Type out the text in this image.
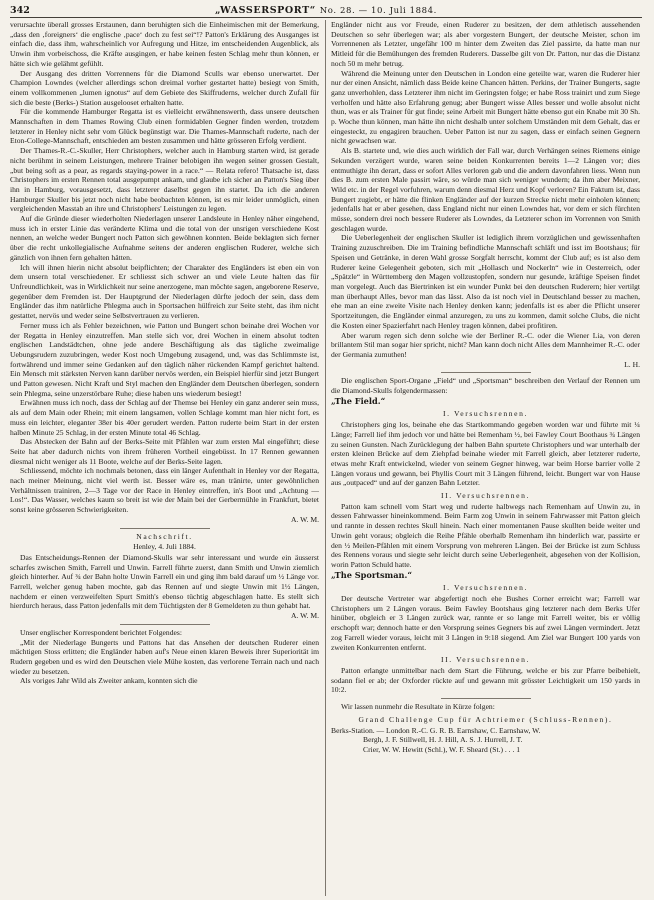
342	„WASSERSPORT“ No. 28. — 10. Juli 1884.

verursachte überall grosses Erstaunen, dann beruhigten sich die Einheimischen mit der Bemerkung, „dass den ‚foreigners‘ die englische ‚pace‘ doch zu fest sei“!? Patton's Erklärung des Ausganges ist einfach die, dass ihm, wahrscheinlich vor Aufregung und Hitze, im entscheidenden Augenblick, als Unwin ihm vorbeischoss, die Kräfte ausgingen, er habe keinen festen Schlag mehr thun können, er hätte sich wie gelähmt gefühlt.

Der Ausgang des dritten Vorrennens für die Diamond Sculls war ebenso unerwartet. Der Champion Lowndes (welcher allerdings schon dreimal vorher gestartet hatte) besiegt von Smith, einem vollkommenen „lumen ignotus“ auf dem Gebiete des Skiffruderns, welcher durch Zufall für sich die beste (Berks-) Station ausgelooset erhalten hatte.

Für die kommende Hamburger Regatta ist es vielleicht erwähnenswerth, dass unsere deutschen Mannschaften in dem Thames Rowing Club einen formidablen Gegner finden werden, trotzdem letzterer in Henley nicht sehr vom Glück begünstigt war. Die Thames-Mannschaft ruderte, nach der Eton-College-Mannschaft, entschieden am besten zusammen und hätte grösseren Erfolg verdient.

Der Thames-R.-C.-Skuller, Herr Christophers, welcher auch in Hamburg starten wird, ist gerade nicht berühmt in seinem Leistungen, mehrere Trainer belobigen ihn wegen seiner grossen Gestalt, „but being soft as a pear, as regards staying-power in a race.“ — Relata refero! Thatsache ist, dass Christophers im ersten Rennen total ausgepumpt ankam, und glaube ich sicher an Patton's Sieg über ihn in Hamburg, vorausgesetzt, dass letzterer daselbst gegen ihn startet. Da ich die anderen Hamburger Skuller bis jetzt noch nicht habe beobachten können, ist es mir leider unmöglich, einen vergleichenden Masstab an ihre und Christophers' Leistungen zu legen.

Auf die Gründe dieser wiederholten Niederlagen unserer Landsleute in Henley näher eingehend, muss ich in erster Linie das veränderte Klima und die total von der unsrigen verschiedene Kost nennen, an welche weder Bungert noch Patton sich gewöhnen konnten. Beide beklagten sich ferner über die recht unkollegialische Aufnahme seitens der anderen englischen Ruderer, welche sich gänzlich von ihnen fern gehalten hätten.

Ich will ihnen hierin nicht absolut beipflichten; der Charakter des Engländers ist eben ein von dem unsern total verschiedener. Er schliesst sich schwer an und viele Leute halten das für Unfreundlichkeit, was in Wirklichkeit nur seine anerzogene, man möchte sagen, angeborene Reserve, gegenüber dem Fremden ist. Der Hauptgrund der Niederlagen dürfte jedoch der sein, dass dem Engländer das ihm natürliche Phlegma auch in Sportsachen hülfreich zur Seite steht, das ihm nicht gestattet, nervös und weder seine Selbstvertrauen zu verlieren.

Ferner muss ich als Fehler bezeichnen, wie Patton und Bungert schon beinahe drei Wochen vor der Regatta in Henley einzutreffen. Man stelle sich vor, drei Wochen in einem absolut todten englischen Landstädtchen, ohne jede andere Beschäftigung als das tägliche zweimalige Uebungsrudern zuzubringen, weder Kost noch Umgebung zusagend, und, was das Schlimmste ist, fortwährend und immer seine Gedanken auf den täglich näher rückenden Kampf gerichtet haltend. Ein Mensch mit stärksten Nerven kann darüber nervös werden, ein Beispiel hierfür sind jetzt Bungert und Patton gewesen. Nicht Kraft und Styl machen den Engländer dem Deutschen überlegen, sondern sein Phlegma, seine unzerstörbare Ruhe; diese haben uns wiederum besiegt!

Erwähnen muss ich noch, dass der Schlag auf der Themse bei Henley ein ganz anderer sein muss, als auf dem Main oder Rhein; mit einem langsamen, vollen Schlage kommt man hier nicht fort, es muss ein leichter, eleganter 38er bis 40er gerudert werden. Patton ruderte beim Start in der ersten halben Minute 25 Schlag, in der ersten Minute total 46 Schlag.

Das Abstecken der Bahn auf der Berks-Seite mit Pfählen war zum ersten Mal eingeführt; diese Seite hat aber dadurch nichts von ihrem früheren Vortheil eingebüsst. In 17 Rennen gewannen diesmal nicht weniger als 11 Boote, welche auf der Berks-Seite lagen.

Schliessend, möchte ich nochmals betonen, dass ein länger Aufenthalt in Henley vor der Regatta, nach meiner Meinung, nicht viel werth ist. Besser wäre es, man tränirte, unter gewöhnlichen Verhältnissen trainiren, 2—3 Tage vor der Race in Henley eintreffen, in's Boot und „Achtung — Los!“. Das Wasser, welches kaum so breit ist wie der Main bei der Gerbermühle in Frankfurt, bietet sonst keine grösseren Schwierigkeiten.

A. W. M.

Nachschrift.
Henley, 4. Juli 1884.

Das Entscheidungs-Rennen der Diamond-Skulls war sehr interessant und wurde ein äusserst scharfes zwischen Smith, Farrell und Unwin. Farrell führte zuerst, dann Smith und Unwin ziemlich gleich hinterher. Auf ¾ der Bahn holte Unwin Farrell ein und ging ihm bald darauf um ½ Länge vor. Farrell, welcher genug haben mochte, gab das Rennen auf und siegte Unwin mit 1½ Längen, nachdem er einen verzweifelten Spurt Smith's ebenso tüchtig abgeschlagen hatte. Es stellt sich hierdurch heraus, dass Patton jedenfalls mit dem Tüchtigsten der 8 Gemeldeten zu thun gehabt hat.

A. W. M.

Unser englischer Korrespondent berichtet Folgendes:

„Mit der Niederlage Bungerts und Pattons hat das Ansehen der deutschen Ruderer einen mächtigen Stoss erlitten; die Engländer haben auf's Neue einen klaren Beweis ihrer Superiorität im Rudern gegeben und es wird den Deutschen viele Mühe kosten, das verlorene Terrain nach und nach wieder zu besetzen.

Als voriges Jahr Wild als Zweiter ankam, konnten sich die

Engländer nicht aus vor Freude, einen Ruderer zu besitzen, der dem athletisch aussehenden Deutschen so sehr überlegen war; als aber vorgestern Bungert, der deutsche Meister, schon im Vorrennenen als Letzter, ungefähr 100 m hinter dem Zweiten das Ziel passirte, da hatte man nur Mitleid für die Bemühungen des fremden Ruderers. Dasselbe gilt von Dr. Patton, nur das die Distanz noch 50 m mehr betrug.

Während die Meinung unter den Deutschen in London eine geteilte war, waren die Ruderer hier nur der einen Ansicht, nämlich dass Beide keine Chancen hätten. Perkins, der Trainer Bungerts, sagte ganz unverhohlen, dass Letzterer ihm nicht im Geringsten folge; er habe Ross trainirt und zum Siege verholfen und hätte also Erfahrung genug; aber Bungert wisse Alles besser und wolle absolut nicht thun, was er als Trainer für gut finde; seine Arbeit mit Bungert hätte ebenso gut ein Knabe mit 30 Sh. p. Woche thun können, man hätte ihn nicht deshalb unter solchem Umständen mit dem Gehalt, das er eingesteckt, zu engagiren brauchen. Ueber Patton ist nur zu sagen, dass er einfach seinen Gegnern nicht gewachsen war.

Als B. startete und, wie dies auch wirklich der Fall war, durch Verhängen seines Riemens einige Sekunden verzögert wurde, waren seine beiden Konkurrenten bereits 1—2 Längen vor; dies entmuthigte ihn derart, dass er sofort Alles verloren gab und die andern davonfahren liess. Wenn nun dies B. zum ersten Male passirt wäre, so würde man sich weniger wundern; da ihm aber Meixner, Wild etc. in der Regel vorfuhren, warum denn diesmal Herz und Kopf verloren? Ein Faktum ist, dass Bungert zugiebt, er hätte die flinken Engländer auf der kurzen Strecke nicht mehr einholen können; jedenfalls hat er aber gesehen, dass England nicht nur einen Lowndes hat, vor dem er sich fürchten müsse, sondern drei noch bessere Ruderer als Lowndes, da Letzterer schon im Vorrennen von Smith geschlagen wurde.

Die Ueberlegenheit der englischen Skuller ist lediglich ihrem vorzüglichen und gewissenhaften Training zuzuschreiben. Die im Training befindliche Mannschaft schläft und isst im Bootshaus; für Speisen und Getränke, in deren Wahl grosse Sorgfalt herrscht, kommt der Club auf; es ist also dem Ruderer keine Gelegenheit geboten, sich mit „Hollasch und Nockerln“ wie in Oesterreich, oder „Spätzle“ in Württemberg den Magen vollzustopfen, sondern nur gesunde, kräftige Speisen findet man vorgelegt. Auch das Biertrinken ist ein wunder Punkt bei den deutschen Ruderern; hier vertilgt man überhaupt Alles, bevor man das lässt. Also da ist noch viel in Deutschland besser zu machen, ehe man an eine zweite Visite nach Henley denken kann; jedenfalls ist es aber die Pflicht unserer Sportzeitungen, die Engländer einmal anzuregen, zu uns zu kommen, damit solche Clubs, die nicht die Kosten einer Spazierfahrt nach Henley tragen können, dabei profitiren.

Aber warum regen sich denn solche wie der Berliner R.-C. oder die Wiener Lia, von deren brillantem Stil man sogar hier spricht, nicht? Man kann doch nicht Alles dem Mannheimer R.-C. oder der Germania zumuthen!

L. H.

Die englischen Sport-Organe „Field“ und „Sportsman“ beschreiben den Verlauf der Rennen um die Diamond-Skulls folgendermassen:

„The Field.“
I. Versuchsrennen.

Christophers ging los, beinahe ehe das Startkommando gegeben worden war und führte mit ¼ Länge; Farrell lief ihm jedoch vor und hätte bei Remenham ½, bei Fawley Court Boothaus ¾ Längen zu seinen Gunsten. Nach Zurücklegung der halben Bahn spurtete Christophers und war unterhalb der ersten kleinen Brücke auf dem Ziehpfad beinahe wieder mit Farrell gleich, aber letzterer ruderte, etwas mehr Kraft entwickelnd, wieder von seinem Gegner hinweg, war beim Horse barrier volle 2 Längen voraus und gewann, bei Phyllis Court mit 3 Längen führend, leicht. Bungert war von Hause aus „outpaced“ und auf der ganzen Bahn Letzter.

II. Versuchsrennen.

Patton kam schnell vom Start weg und ruderte halbwegs nach Remenham auf Unwin zu, in dessen Fahrwasser hineinkommend. Beim Farm zog Unwin in seinem Fahrwasser mit Patton gleich und rannte in dessen rechtes Skull hinein. Nach einer momentanen Pause skullten beide weiter und Unwin geht voraus; obgleich die Reihe Pfähle oberhalb Remenham ihn hinderlich war, passirte er den ½ Meilen-Pfählen mit einem Vorsprung von mehreren Längen. Bei der Brücke ist zum Schluss des Rennens voraus und siegte sehr leicht durch seine Ueberlegenheit, abgesehen von der Kollision, worin Patton Schuld hatte.

„The Sportsman.“
I. Versuchsrennen.

Der deutsche Vertreter war abgefertigt noch ehe Bushes Corner erreicht war; Farrell war Christophers um 2 Längen voraus. Beim Fawley Bootshaus ging letzterer nach dem Berks Ufer hinüber, obgleich er 3 Längen zurück war, rannte er so lange mit Farrell weiter, bis er völlig erschopft war; dennoch hatte er den Vorsprung seines Gegners bis auf zwei Längen vermindert. Jetzt zog Farrell wieder voraus, leicht mit 3 Längen in 9:18 siegend. Am Ziel war Bungert 100 yards von zweiten Konkurrenten entfernt.

II. Versuchsrennen.

Patton erlangte unmittelbar nach dem Start die Führung, welche er bis zur Pfarre beibehielt, sodann fiel er ab; der Oxforder rückte auf und gewann mit grösster Leichtigkeit um 150 yards in 10:2.

Wir lassen nunmehr die Resultate in Kürze folgen:

Grand Challenge Cup für Achtriemer (Schluss-Rennen).
Berks-Station. — London R.-C. G. R. B. Earnshaw, C. Earnshaw, W.
Bergh, J. F. Stillwell, H. J. Hill, A. S. J. Hurrell, J. T.
Crier, W. W. Hewitt (Schl.), W. F. Sheard (St.) . . . 1
